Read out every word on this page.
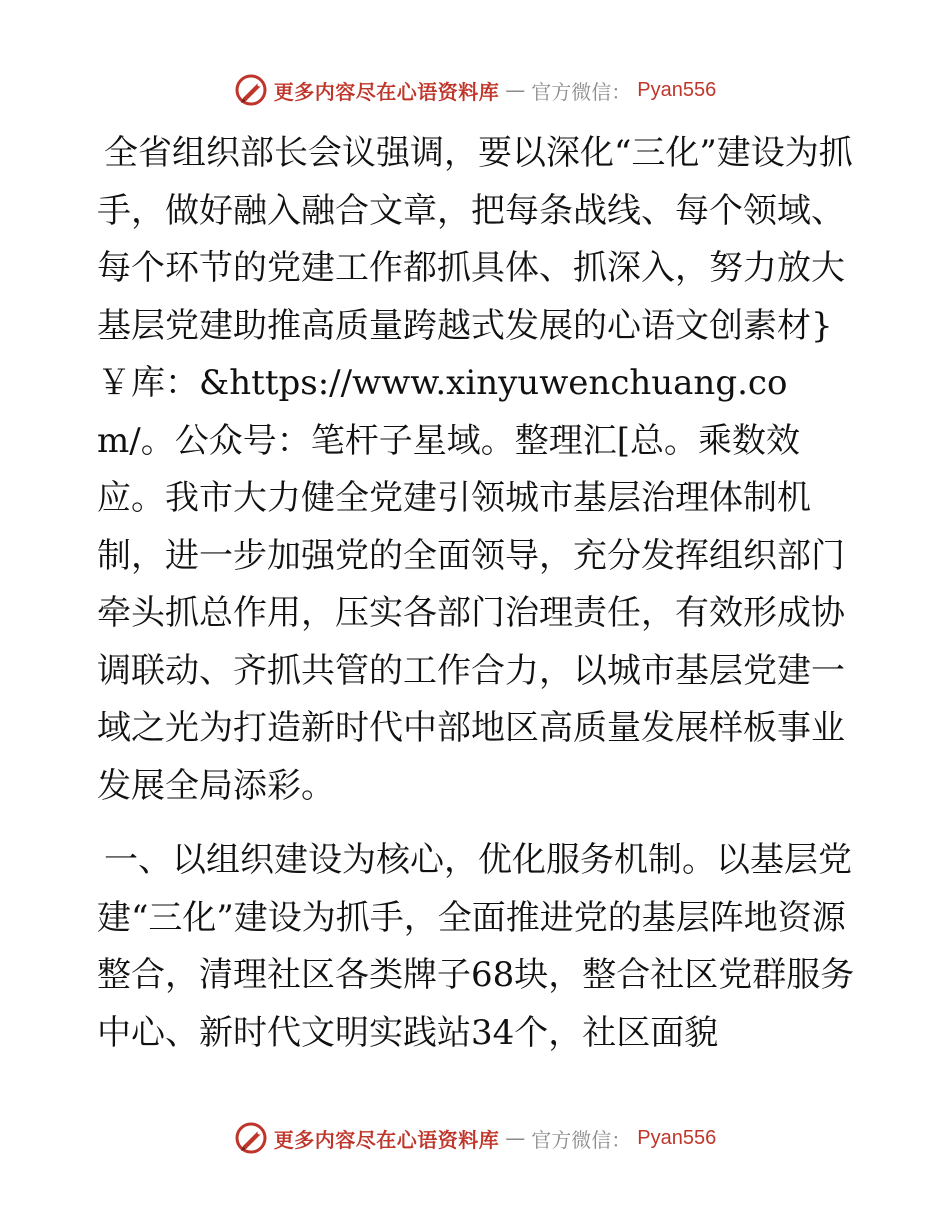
更多内容尽在心语资料库 — 官方微信： Pyan556

全省组织部长会议强调，要以深化“三化”建设为抓手，做好融入融合文章，把每条战线、每个领域、每个环节的党建工作都抓具体、抓深入，努力放大基层党建助推高质量跨越式发展的心语文创素材}￥库：&https://www.xinyuwenchuang.com/。公众号：笔杆子星域。整理汇[总。乘数效应。我市大力健全党建引领城市基层治理体制机制，进一步加强党的全面领导，充分发挥组织部门牵头抓总作用，压实各部门治理责任，有效形成协调联动、齐抓共管的工作合力，以城市基层党建一域之光为打造新时代中部地区高质量发展样板事业发展全局添彩。

一、以组织建设为核心，优化服务机制。以基层党建“三化”建设为抓手，全面推进党的基层阵地资源整合，清理社区各类牌子68块，整合社区党群服务中心、新时代文明实践站34个，社区面貌

更多内容尽在心语资料库 — 官方微信： Pyan556
